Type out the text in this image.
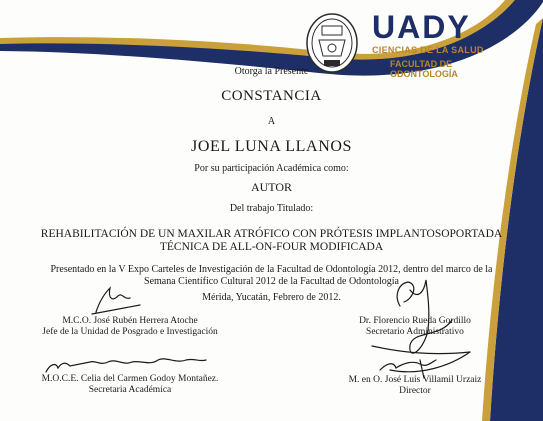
UADY
CIENCIAS DE LA SALUD
FACULTAD DE
ODONTOLOGÍA
Otorga la Presente
CONSTANCIA
A
JOEL LUNA LLANOS
Por su participación Académica como:
AUTOR
Del trabajo Titulado:
REHABILITACIÓN DE UN MAXILAR ATRÓFICO CON PRÓTESIS IMPLANTOSOPORTADA
TÉCNICA DE ALL-ON-FOUR MODIFICADA
Presentado en la V Expo Carteles de Investigación de la Facultad de Odontología 2012, dentro del marco de la
Semana Científico Cultural 2012 de la Facultad de Odontología
Mérida, Yucatán, Febrero de 2012.
M.C.O. José Rubén Herrera Atoche
Jefe de la Unidad de Posgrado e Investigación
Dr. Florencio Rueda Gordillo
Secretario Administrativo
M.O.C.E. Celia del Carmen Godoy Montañez.
Secretaria Académica
M. en O. José Luis Villamil Urzaiz
Director
